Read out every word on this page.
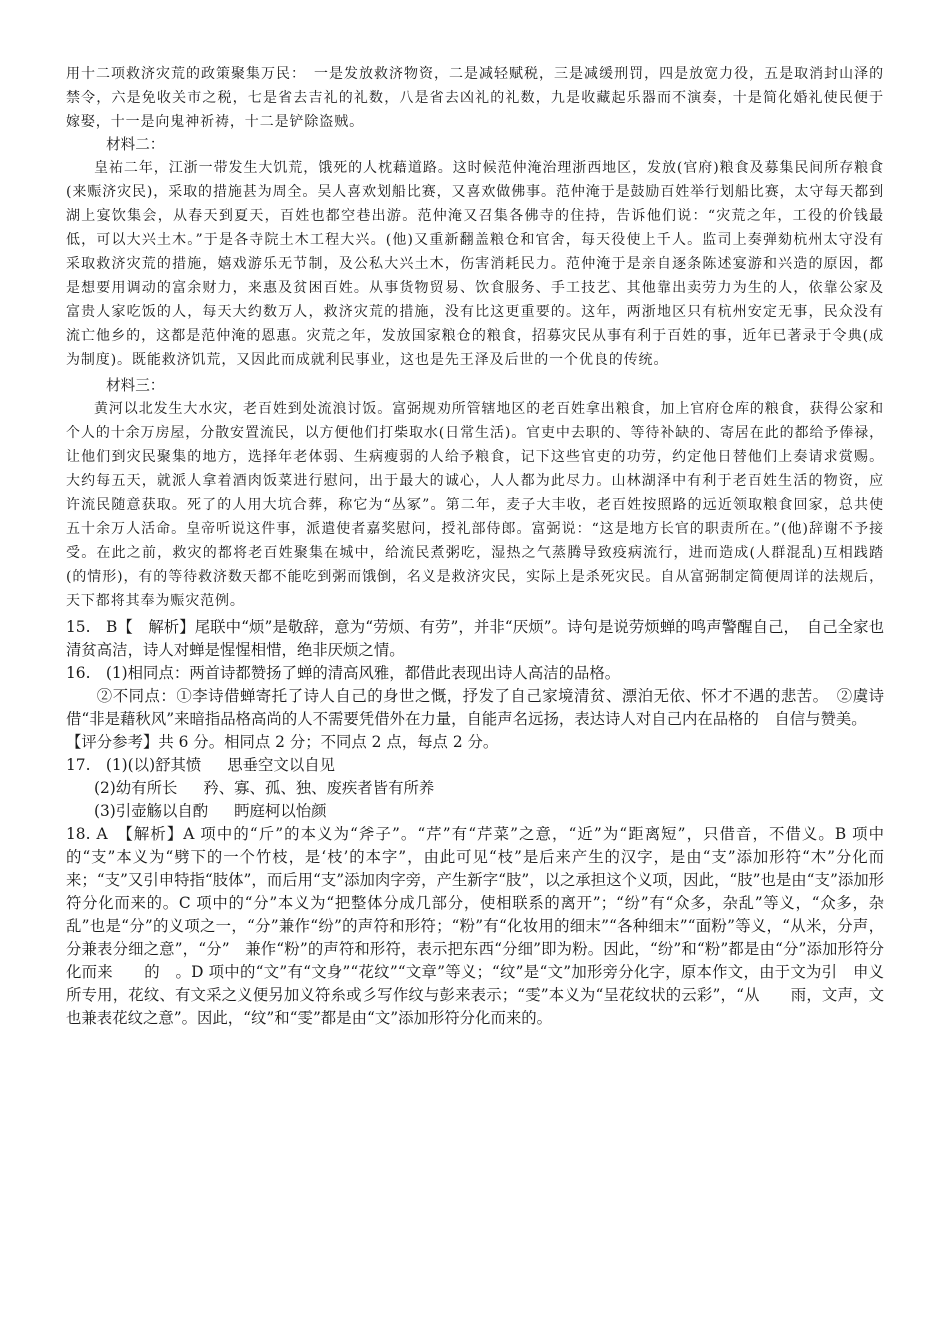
用十二项救济灾荒的政策聚集万民：　一是发放救济物资，二是减轻赋税，三是减缓刑罚，四是放宽力役，五是取消封山泽的禁令，六是免收关市之税，七是省去吉礼的礼数，八是省去凶礼的礼数，九是收藏起乐器而不演奏，十是简化婚礼使民便于嫁娶，十一是向鬼神祈祷，十二是铲除盗贼。

材料二：

皇祐二年，江浙一带发生大饥荒，饿死的人枕藉道路。这时候范仲淹治理浙西地区，发放(官府)粮食及募集民间所存粮食(来赈济灾民)，采取的措施甚为周全。吴人喜欢划船比赛，又喜欢做佛事。范仲淹于是鼓励百姓举行划船比赛，太守每天都到湖上宴饮集会，从春天到夏天，百姓也都空巷出游。范仲淹又召集各佛寺的住持，告诉他们说：“灾荒之年，工役的价钱最低，可以大兴土木。”于是各寺院土木工程大兴。(他)又重新翻盖粮仓和官舍，每天役使上千人。监司上奏弹劾杭州太守没有采取救济灾荒的措施，嬉戏游乐无节制，及公私大兴土木，伤害消耗民力。范仲淹于是亲自逐条陈述宴游和兴造的原因，都是想要用调动的富余财力，来惠及贫困百姓。从事货物贸易、饮食服务、手工技艺、其他靠出卖劳力为生的人，依靠公家及富贵人家吃饭的人，每天大约数万人，救济灾荒的措施，没有比这更重要的。这年，两浙地区只有杭州安定无事，民众没有流亡他乡的，这都是范仲淹的恩惠。灾荒之年，发放国家粮仓的粮食，招募灾民从事有利于百姓的事，近年已著录于令典(成为制度)。既能救济饥荒，又因此而成就利民事业，这也是先王泽及后世的一个优良的传统。

材料三：

黄河以北发生大水灾，老百姓到处流浪讨饭。富弼规劝所管辖地区的老百姓拿出粮食，加上官府仓库的粮食，获得公家和个人的十余万房屋，分散安置流民，以方便他们打柴取水(日常生活)。官吏中去职的、等待补缺的、寄居在此的都给予俸禄，让他们到灾民聚集的地方，选择年老体弱、生病瘦弱的人给予粮食，记下这些官吏的功劳，约定他日替他们上奏请求赏赐。大约每五天，就派人拿着酒肉饭菜进行慰问，出于最大的诚心，人人都为此尽力。山林湖泽中有利于老百姓生活的物资，应许流民随意获取。死了的人用大坑合葬，称它为“丛冢”。第二年，麦子大丰收，老百姓按照路的远近领取粮食回家，总共使五十余万人活命。皇帝听说这件事，派遣使者嘉奖慰问，授礼部侍郎。富弼说：“这是地方长官的职责所在。”(他)辞谢不予接受。在此之前，救灾的都将老百姓聚集在城中，给流民煮粥吃，湿热之气蒸腾导致疫病流行，进而造成(人群混乱)互相践踏(的情形)，有的等待救济数天都不能吃到粥而饿倒，名义是救济灾民，实际上是杀死灾民。自从富弼制定简便周详的法规后，天下都将其奉为赈灾范例。

15.　B【　解析】尾联中“烦”是敬辞，意为“劳烦、有劳”，并非“厌烦”。诗句是说劳烦蝉的鸣声警醒自己，　自己全家也清贫高洁，诗人对蝉是惺惺相惜，绝非厌烦之情。

16.　(1)相同点：两首诗都赞扬了蝉的清高风雅，都借此表现出诗人高洁的品格。

②不同点：①李诗借蝉寄托了诗人自己的身世之慨，抒发了自己家境清贫、漂泊无依、怀才不遇的悲苦。　②虞诗借“非是藉秋风”来暗指品格高尚的人不需要凭借外在力量，自能声名远扬，表达诗人对自己内在品格的　自信与赞美。

【评分参考】共 6 分。相同点 2 分；不同点 2 点，每点 2 分。

17.　(1)(以)舒其愤 思垂空文以自见

(2)幼有所长 矜、寡、孤、独、废疾者皆有所养

(3)引壶觞以自酌 眄庭柯以怡颜

18. A　【解析】A 项中的“斤”的本义为“斧子”。“芹”有“芹菜”之意，“近”为“距离短”，只借音，不借义。B 项中的“支”本义为“劈下的一个竹枝，是‘枝’的本字”，由此可见“枝”是后来产生的汉字，是由“支”添加形符“木”分化而来；“支”又引申特指“肢体”，而后用“支”添加肉字旁，产生新字“肢”，以之承担这个义项，因此，“肢”也是由“支”添加形符分化而来的。C 项中的“分”本义为“把整体分成几部分，使相联系的离开”；“纷”有“众多，杂乱”等义，“众多，杂乱”也是“分”的义项之一，“分”兼作“纷”的声符和形符；“粉”有“化妆用的细末”“各种细末”“面粉”等义，“从米，分声，分兼表分细之意”，“分”　兼作“粉”的声符和形符，表示把东西“分细”即为粉。因此，“纷”和“粉”都是由“分”添加形符分化而来　　的　。D 项中的“文”有“文身”“花纹”“文章”等义；“纹”是“文”加形旁分化字，原本作文，由于文为引　申义所专用，花纹、有文采之义便另加义符糸或彡写作纹与彭来表示；“雯”本义为“呈花纹状的云彩”，“从　　雨，文声，文也兼表花纹之意”。因此，“纹”和“雯”都是由“文”添加形符分化而来的。
